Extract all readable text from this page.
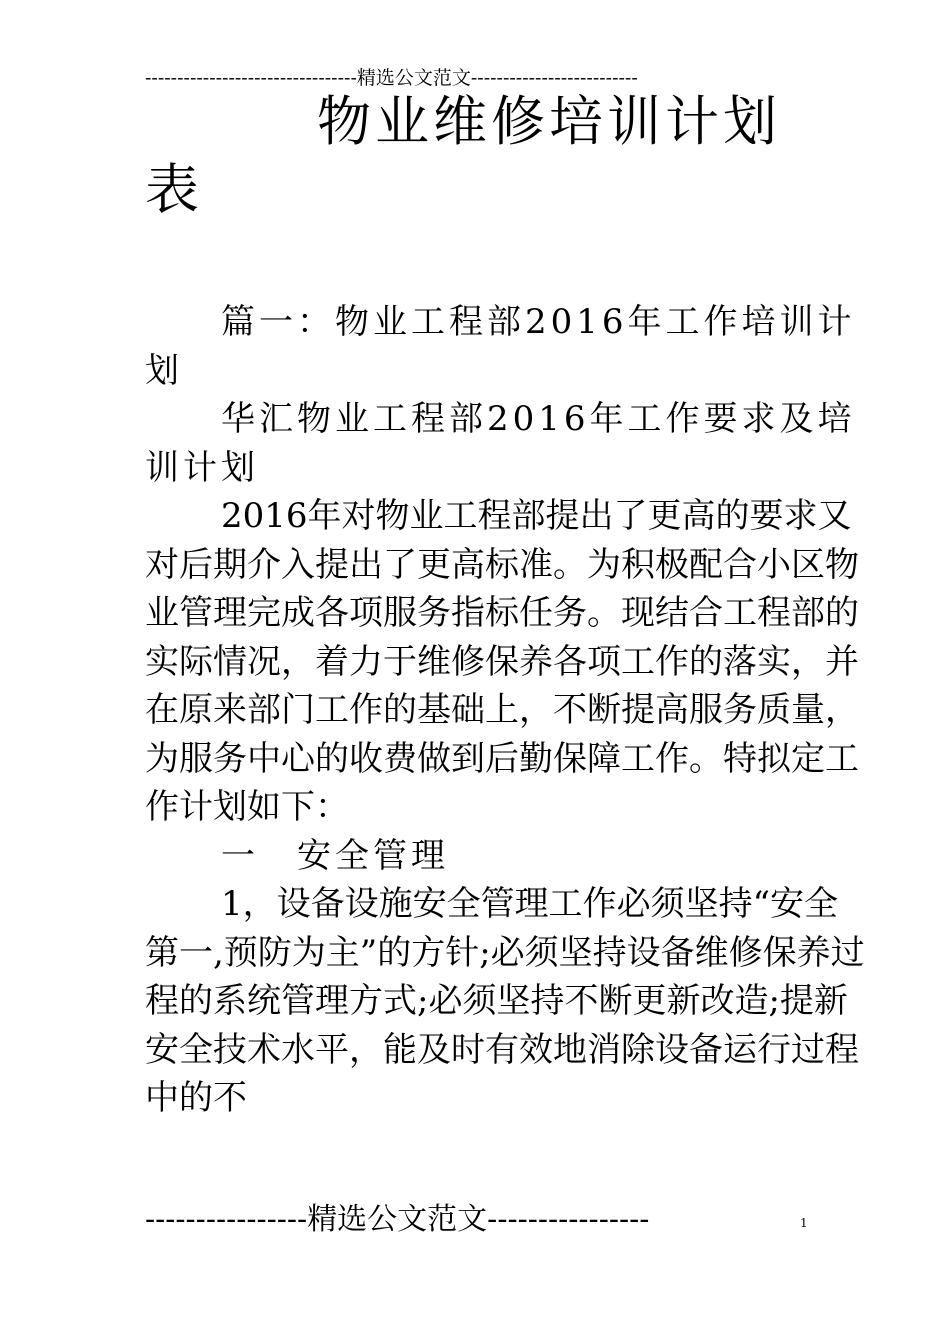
---------------------------------精选公文范文--------------------------
物业维修培训计划表

篇一：物业工程部2016年工作培训计划

华汇物业工程部2016年工作要求及培训计划

2016年对物业工程部提出了更高的要求又对后期介入提出了更高标准。为积极配合小区物业管理完成各项服务指标任务。现结合工程部的实际情况，着力于维修保养各项工作的落实，并在原来部门工作的基础上，不断提高服务质量，为服务中心的收费做到后勤保障工作。特拟定工作计划如下：

一　安全管理

1，设备设施安全管理工作必须坚持“安全第一,预防为主”的方针;必须坚持设备维修保养过程的系统管理方式;必须坚持不断更新改造;提新安全技术水平，能及时有效地消除设备运行过程中的不

----------------精选公文范文----------------	1
